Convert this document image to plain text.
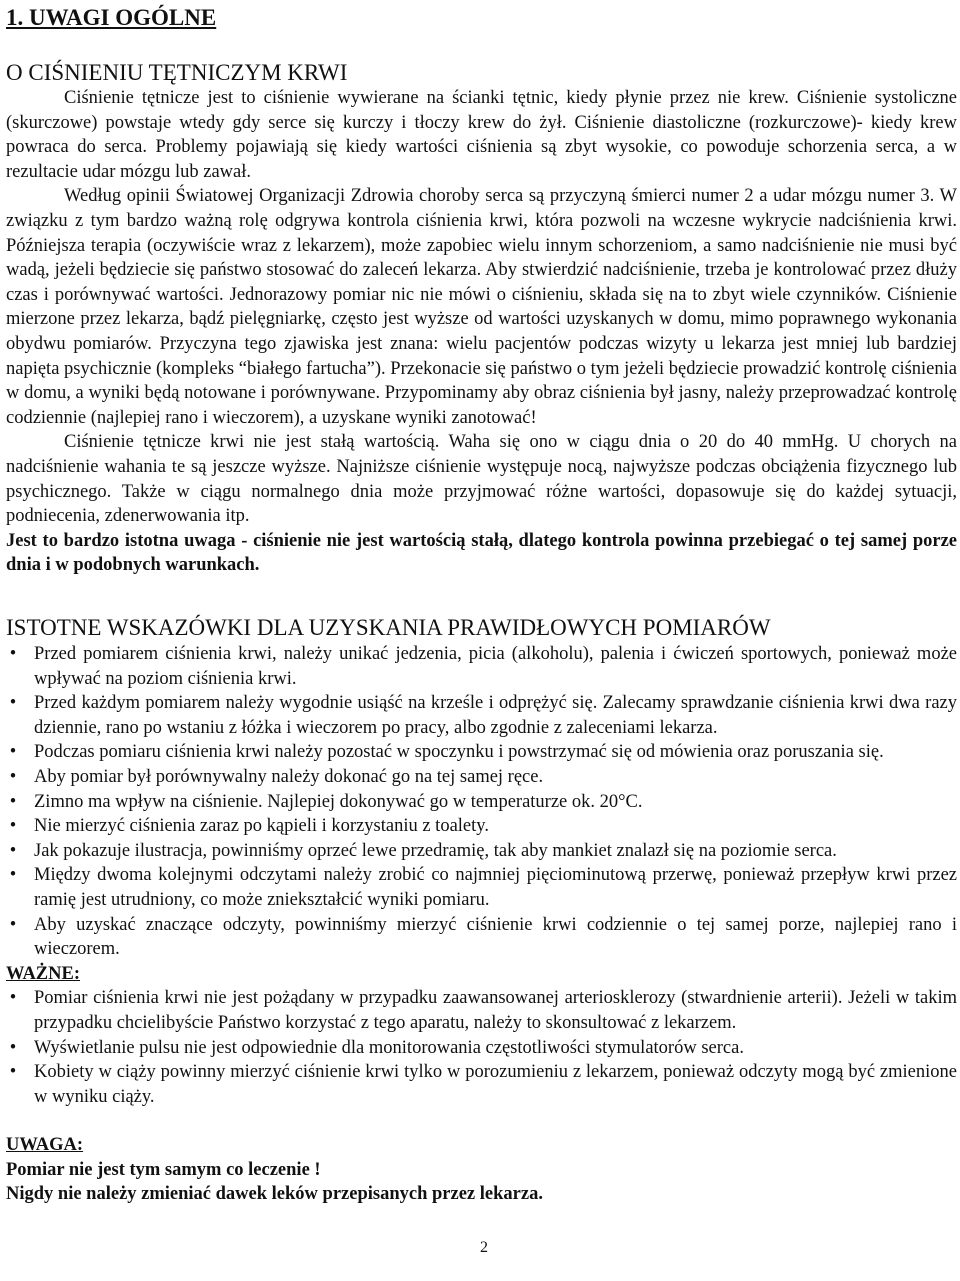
1. UWAGI OGÓLNE
O CIŚNIENIU TĘTNICZYM KRWI

Ciśnienie tętnicze jest to ciśnienie wywierane na ścianki tętnic, kiedy płynie przez nie krew. Ciśnienie systoliczne (skurczowe) powstaje wtedy gdy serce się kurczy i tłoczy krew do żył. Ciśnienie diastoliczne (rozkurczowe)- kiedy krew powraca do serca. Problemy pojawiają się kiedy wartości ciśnienia są zbyt wysokie, co powoduje schorzenia serca, a w rezultacie udar mózgu lub zawał.

Według opinii Światowej Organizacji Zdrowia choroby serca są przyczyną śmierci numer 2 a udar mózgu numer 3. W związku z tym bardzo ważną rolę odgrywa kontrola ciśnienia krwi, która pozwoli na wczesne wykrycie nadciśnienia krwi. Późniejsza terapia (oczywiście wraz z lekarzem), może zapobiec wielu innym schorzeniom, a samo nadciśnienie nie musi być wadą, jeżeli będziecie się państwo stosować do zaleceń lekarza. Aby stwierdzić nadciśnienie, trzeba je kontrolować przez dłuży czas i porównywać wartości. Jednorazowy pomiar nic nie mówi o ciśnieniu, składa się na to zbyt wiele czynników. Ciśnienie mierzone przez lekarza, bądź pielęgniarkę, często jest wyższe od wartości uzyskanych w domu, mimo poprawnego wykonania obydwu pomiarów. Przyczyna tego zjawiska jest znana: wielu pacjentów podczas wizyty u lekarza jest mniej lub bardziej napięta psychicznie (kompleks “białego fartucha”). Przekonacie się państwo o tym jeżeli będziecie prowadzić kontrolę ciśnienia w domu, a wyniki będą notowane i porównywane. Przypominamy aby obraz ciśnienia był jasny, należy przeprowadzać kontrolę codziennie (najlepiej rano i wieczorem), a uzyskane wyniki zanotować!

Ciśnienie tętnicze krwi nie jest stałą wartością. Waha się ono w ciągu dnia o 20 do 40 mmHg. U chorych na nadciśnienie wahania te są jeszcze wyższe. Najniższe ciśnienie występuje nocą, najwyższe podczas obciążenia fizycznego lub psychicznego. Także w ciągu normalnego dnia może przyjmować różne wartości, dopasowuje się do każdej sytuacji, podniecenia, zdenerwowania itp.

Jest to bardzo istotna uwaga - ciśnienie nie jest wartością stałą, dlatego kontrola powinna przebiegać o tej samej porze dnia i w podobnych warunkach.

ISTOTNE WSKAZÓWKI DLA UZYSKANIA PRAWIDŁOWYCH POMIARÓW
• Przed pomiarem ciśnienia krwi, należy unikać jedzenia, picia (alkoholu), palenia i ćwiczeń sportowych, ponieważ może wpływać na poziom ciśnienia krwi.
• Przed każdym pomiarem należy wygodnie usiąść na krześle i odprężyć się. Zalecamy sprawdzanie ciśnienia krwi dwa razy dziennie, rano po wstaniu z łóżka i wieczorem po pracy, albo zgodnie z zaleceniami lekarza.
• Podczas pomiaru ciśnienia krwi należy pozostać w spoczynku i powstrzymać się od mówienia oraz poruszania się.
• Aby pomiar był porównywalny należy dokonać go na tej samej ręce.
• Zimno ma wpływ na ciśnienie. Najlepiej dokonywać go w temperaturze ok. 20°C.
• Nie mierzyć ciśnienia zaraz po kąpieli i korzystaniu z toalety.
• Jak pokazuje ilustracja, powinniśmy oprzeć lewe przedramię, tak aby mankiet znalazł się na poziomie serca.
• Między dwoma kolejnymi odczytami należy zrobić co najmniej pięciominutową przerwę, ponieważ przepływ krwi przez ramię jest utrudniony, co może zniekształcić wyniki pomiaru.
• Aby uzyskać znaczące odczyty, powinniśmy mierzyć ciśnienie krwi codziennie o tej samej porze, najlepiej rano i wieczorem.
WAŻNE:
• Pomiar ciśnienia krwi nie jest pożądany w przypadku zaawansowanej arteriosklerozy (stwardnienie arterii). Jeżeli w takim przypadku chcielibyście Państwo korzystać z tego aparatu, należy to skonsultować z lekarzem.
• Wyświetlanie pulsu nie jest odpowiednie dla monitorowania częstotliwości stymulatorów serca.
• Kobiety w ciąży powinny mierzyć ciśnienie krwi tylko w porozumieniu z lekarzem, ponieważ odczyty mogą być zmienione w wyniku ciąży.
UWAGA:
Pomiar nie jest tym samym co leczenie !
Nigdy nie należy zmieniać dawek leków przepisanych przez lekarza.
2
